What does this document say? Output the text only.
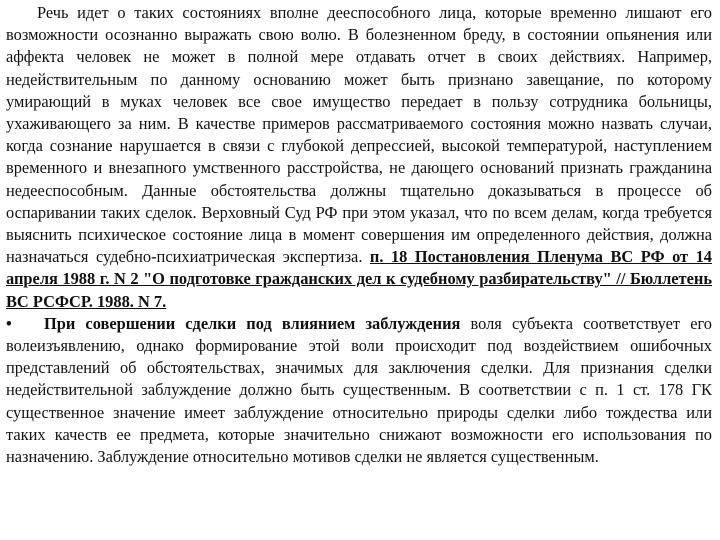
Речь идет о таких состояниях вполне дееспособного лица, которые временно лишают его возможности осознанно выражать свою волю. В болезненном бреду, в состоянии опьянения или аффекта человек не может в полной мере отдавать отчет в своих действиях. Например, недействительным по данному основанию может быть признано завещание, по которому умирающий в муках человек все свое имущество передает в пользу сотрудника больницы, ухаживающего за ним. В качестве примеров рассматриваемого состояния можно назвать случаи, когда сознание нарушается в связи с глубокой депрессией, высокой температурой, наступлением временного и внезапного умственного расстройства, не дающего оснований признать гражданина недееспособным. Данные обстоятельства должны тщательно доказываться в процессе об оспаривании таких сделок. Верховный Суд РФ при этом указал, что по всем делам, когда требуется выяснить психическое состояние лица в момент совершения им определенного действия, должна назначаться судебно-психиатрическая экспертиза. п. 18 Постановления Пленума ВС РФ от 14 апреля 1988 г. N 2 "О подготовке гражданских дел к судебному разбирательству" // Бюллетень ВС РСФСР. 1988. N 7.

• При совершении сделки под влиянием заблуждения воля субъекта соответствует его волеизъявлению, однако формирование этой воли происходит под воздействием ошибочных представлений об обстоятельствах, значимых для заключения сделки. Для признания сделки недействительной заблуждение должно быть существенным. В соответствии с п. 1 ст. 178 ГК существенное значение имеет заблуждение относительно природы сделки либо тождества или таких качеств ее предмета, которые значительно снижают возможности его использования по назначению. Заблуждение относительно мотивов сделки не является существенным.
